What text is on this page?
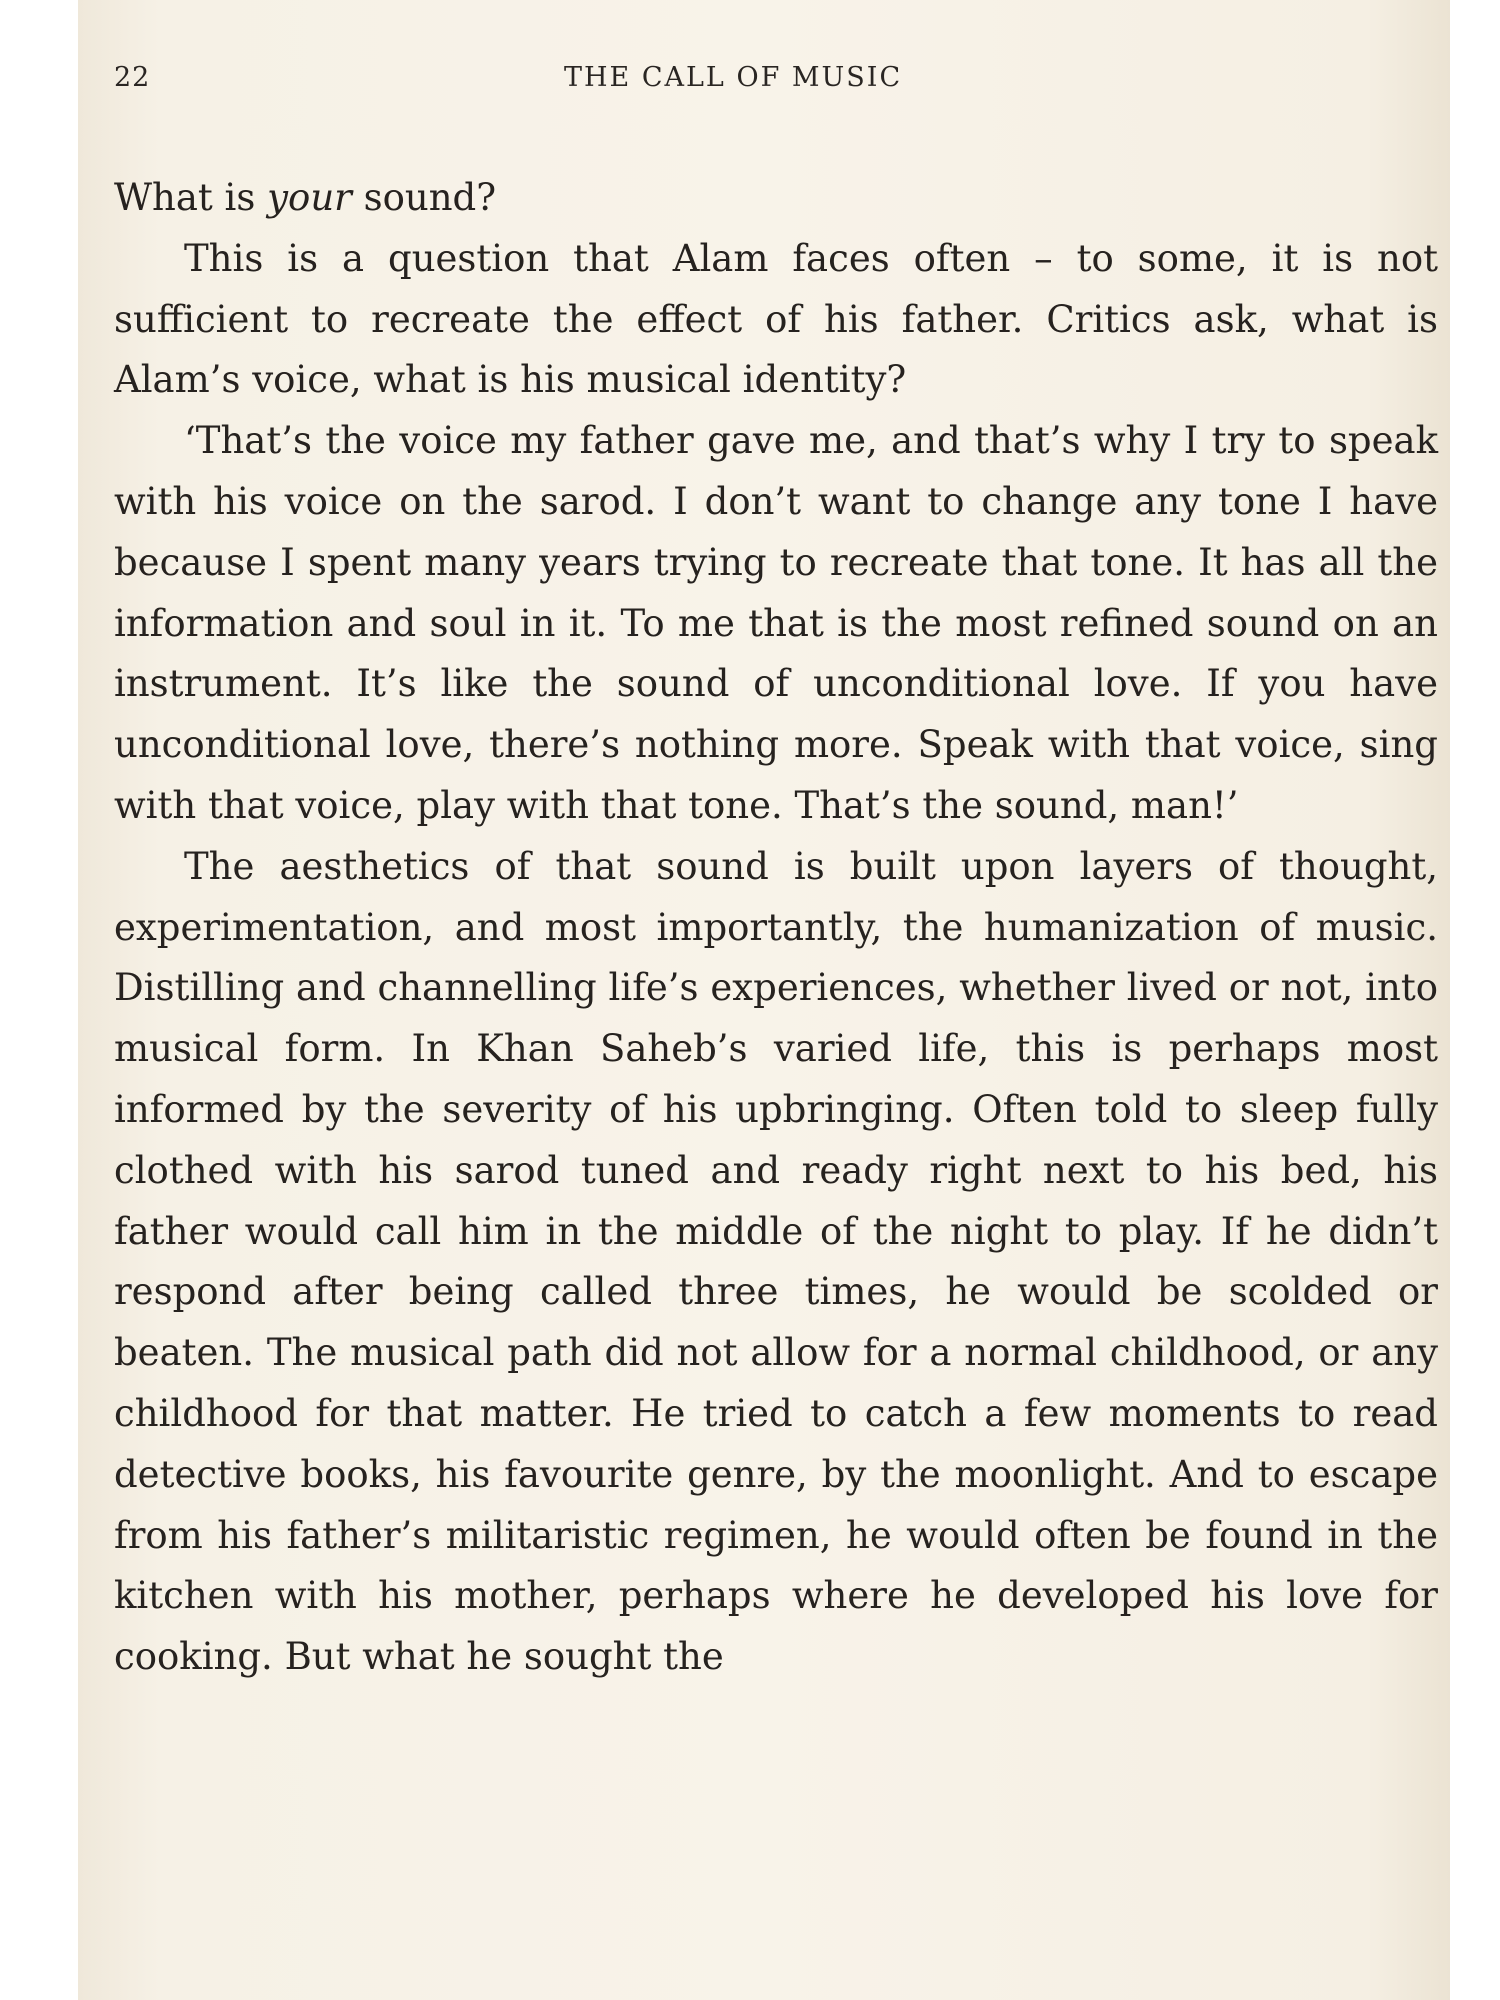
22	THE CALL OF MUSIC

What is your sound?

This is a question that Alam faces often – to some, it is not sufficient to recreate the effect of his father. Critics ask, what is Alam’s voice, what is his musical identity?

‘That’s the voice my father gave me, and that’s why I try to speak with his voice on the sarod. I don’t want to change any tone I have because I spent many years trying to recreate that tone. It has all the information and soul in it. To me that is the most refined sound on an instrument. It’s like the sound of unconditional love. If you have unconditional love, there’s nothing more. Speak with that voice, sing with that voice, play with that tone. That’s the sound, man!’

The aesthetics of that sound is built upon layers of thought, experimentation, and most importantly, the humanization of music. Distilling and channelling life’s experiences, whether lived or not, into musical form. In Khan Saheb’s varied life, this is perhaps most informed by the severity of his upbringing. Often told to sleep fully clothed with his sarod tuned and ready right next to his bed, his father would call him in the middle of the night to play. If he didn’t respond after being called three times, he would be scolded or beaten. The musical path did not allow for a normal childhood, or any childhood for that matter. He tried to catch a few moments to read detective books, his favourite genre, by the moonlight. And to escape from his father’s militaristic regimen, he would often be found in the kitchen with his mother, perhaps where he developed his love for cooking. But what he sought the
